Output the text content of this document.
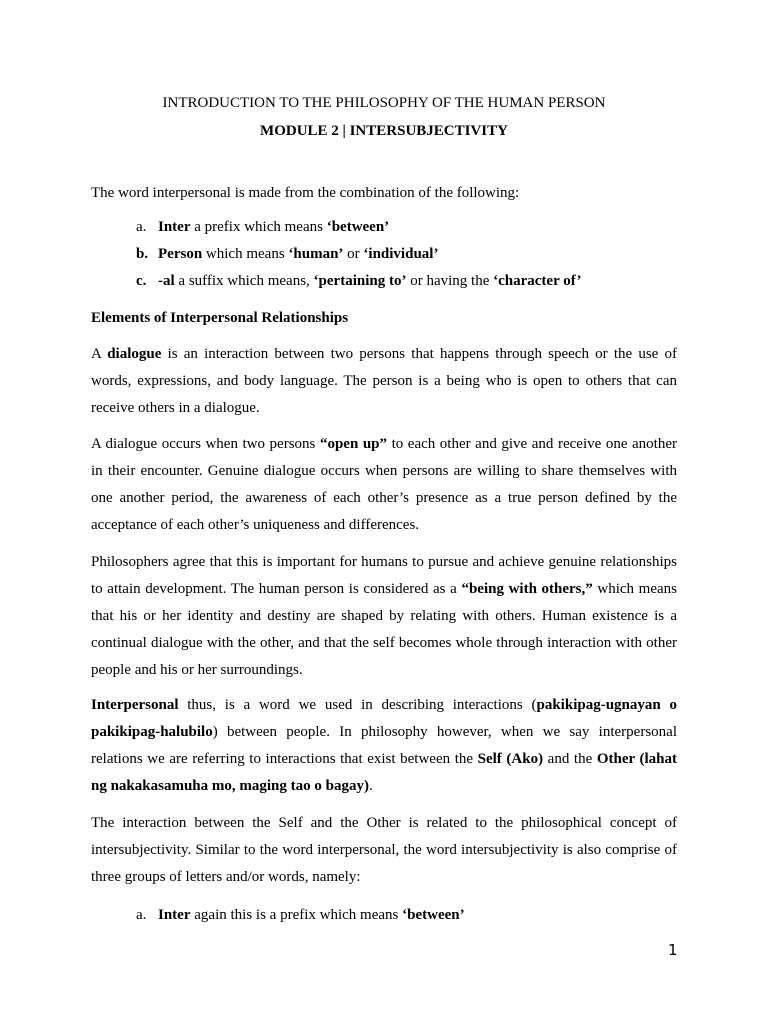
INTRODUCTION TO THE PHILOSOPHY OF THE HUMAN PERSON
MODULE 2 | INTERSUBJECTIVITY

The word interpersonal is made from the combination of the following:

a. Inter a prefix which means ‘between’
b. Person which means ‘human’ or ‘individual’
c. -al a suffix which means, ‘pertaining to’ or having the ‘character of’
Elements of Interpersonal Relationships

A dialogue is an interaction between two persons that happens through speech or the use of words, expressions, and body language. The person is a being who is open to others that can receive others in a dialogue.

A dialogue occurs when two persons “open up” to each other and give and receive one another in their encounter. Genuine dialogue occurs when persons are willing to share themselves with one another period, the awareness of each other’s presence as a true person defined by the acceptance of each other’s uniqueness and differences.

Philosophers agree that this is important for humans to pursue and achieve genuine relationships to attain development. The human person is considered as a “being with others,” which means that his or her identity and destiny are shaped by relating with others. Human existence is a continual dialogue with the other, and that the self becomes whole through interaction with other people and his or her surroundings.

Interpersonal thus, is a word we used in describing interactions (pakikipag-ugnayan o pakikipag-halubilo) between people. In philosophy however, when we say interpersonal relations we are referring to interactions that exist between the Self (Ako) and the Other (lahat ng nakakasamuha mo, maging tao o bagay).

The interaction between the Self and the Other is related to the philosophical concept of intersubjectivity. Similar to the word interpersonal, the word intersubjectivity is also comprise of three groups of letters and/or words, namely:

a. Inter again this is a prefix which means ‘between’
1
